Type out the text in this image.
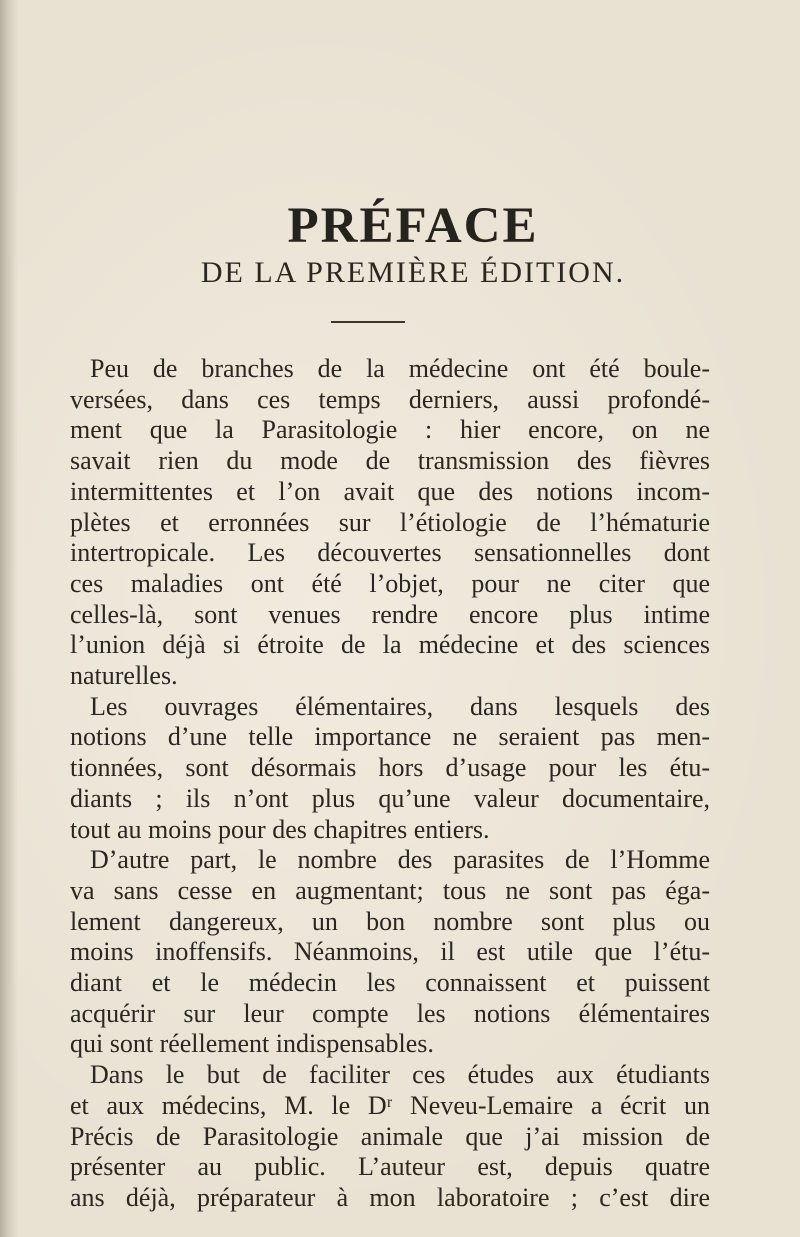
PRÉFACE
DE LA PREMIÈRE ÉDITION.
Peu de branches de la médecine ont été boule-
versées, dans ces temps derniers, aussi profondé-
ment que la Parasitologie : hier encore, on ne
savait rien du mode de transmission des fièvres
intermittentes et l’on avait que des notions incom-
plètes et erronnées sur l’étiologie de l’hématurie
intertropicale. Les découvertes sensationnelles dont
ces maladies ont été l’objet, pour ne citer que
celles-là, sont venues rendre encore plus intime
l’union déjà si étroite de la médecine et des sciences
naturelles.
Les ouvrages élémentaires, dans lesquels des
notions d’une telle importance ne seraient pas men-
tionnées, sont désormais hors d’usage pour les étu-
diants ; ils n’ont plus qu’une valeur documentaire,
tout au moins pour des chapitres entiers.
D’autre part, le nombre des parasites de l’Homme
va sans cesse en augmentant; tous ne sont pas éga-
lement dangereux, un bon nombre sont plus ou
moins inoffensifs. Néanmoins, il est utile que l’étu-
diant et le médecin les connaissent et puissent
acquérir sur leur compte les notions élémentaires
qui sont réellement indispensables.
Dans le but de faciliter ces études aux étudiants
et aux médecins, M. le Dʳ Neveu-Lemaire a écrit un
Précis de Parasitologie animale que j’ai mission de
présenter au public. L’auteur est, depuis quatre
ans déjà, préparateur à mon laboratoire ; c’est dire
